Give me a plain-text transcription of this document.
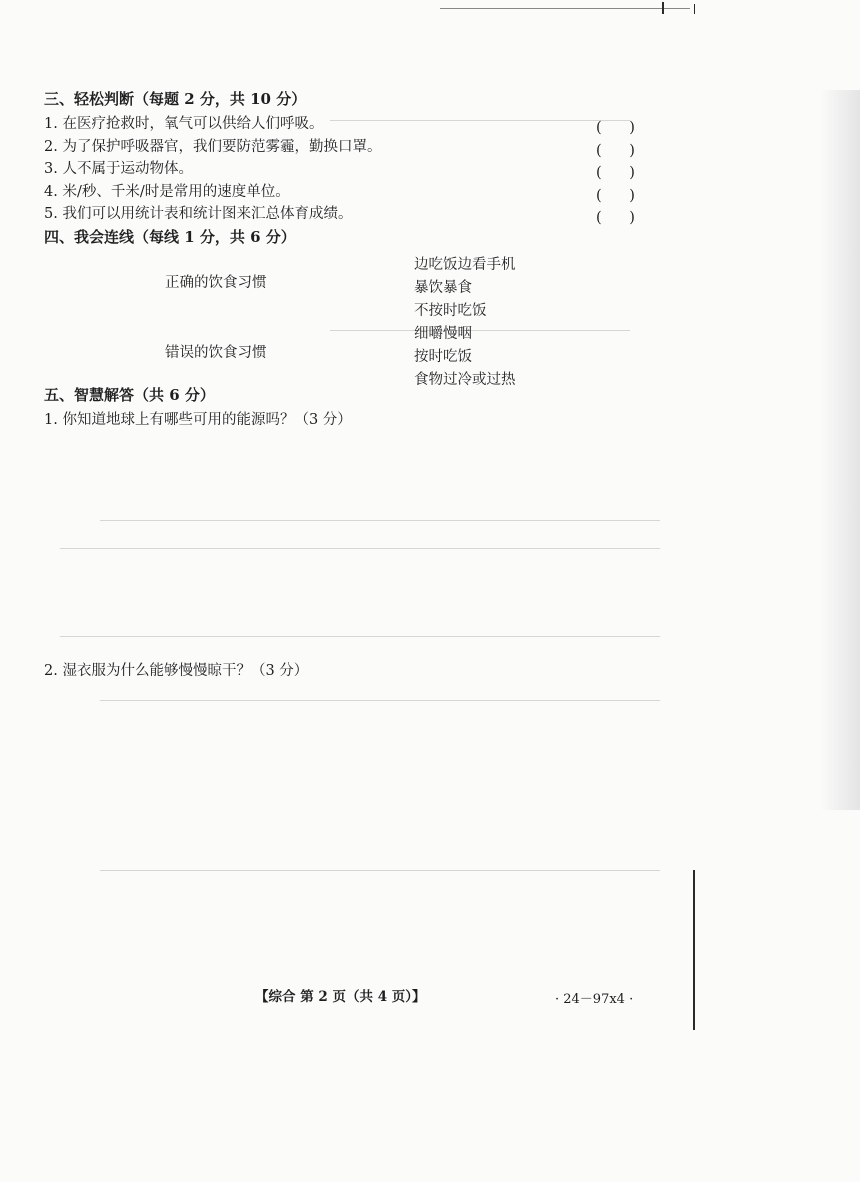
三、轻松判断（每题 2 分，共 10 分）
1. 在医疗抢救时，氧气可以供给人们呼吸。
2. 为了保护呼吸器官，我们要防范雾霾，勤换口罩。
3. 人不属于运动物体。
4. 米/秒、千米/时是常用的速度单位。
5. 我们可以用统计表和统计图来汇总体育成绩。
(      )
(      )
(      )
(      )
(      )
四、我会连线（每线 1 分，共 6 分）
正确的饮食习惯
错误的饮食习惯
边吃饭边看手机
暴饮暴食
不按时吃饭
细嚼慢咽
按时吃饭
食物过冷或过热
五、智慧解答（共 6 分）
1. 你知道地球上有哪些可用的能源吗？（3 分）
2. 湿衣服为什么能够慢慢晾干？（3 分）
【综合 第 2 页（共 4 页）】	· 24－97x4 ·
